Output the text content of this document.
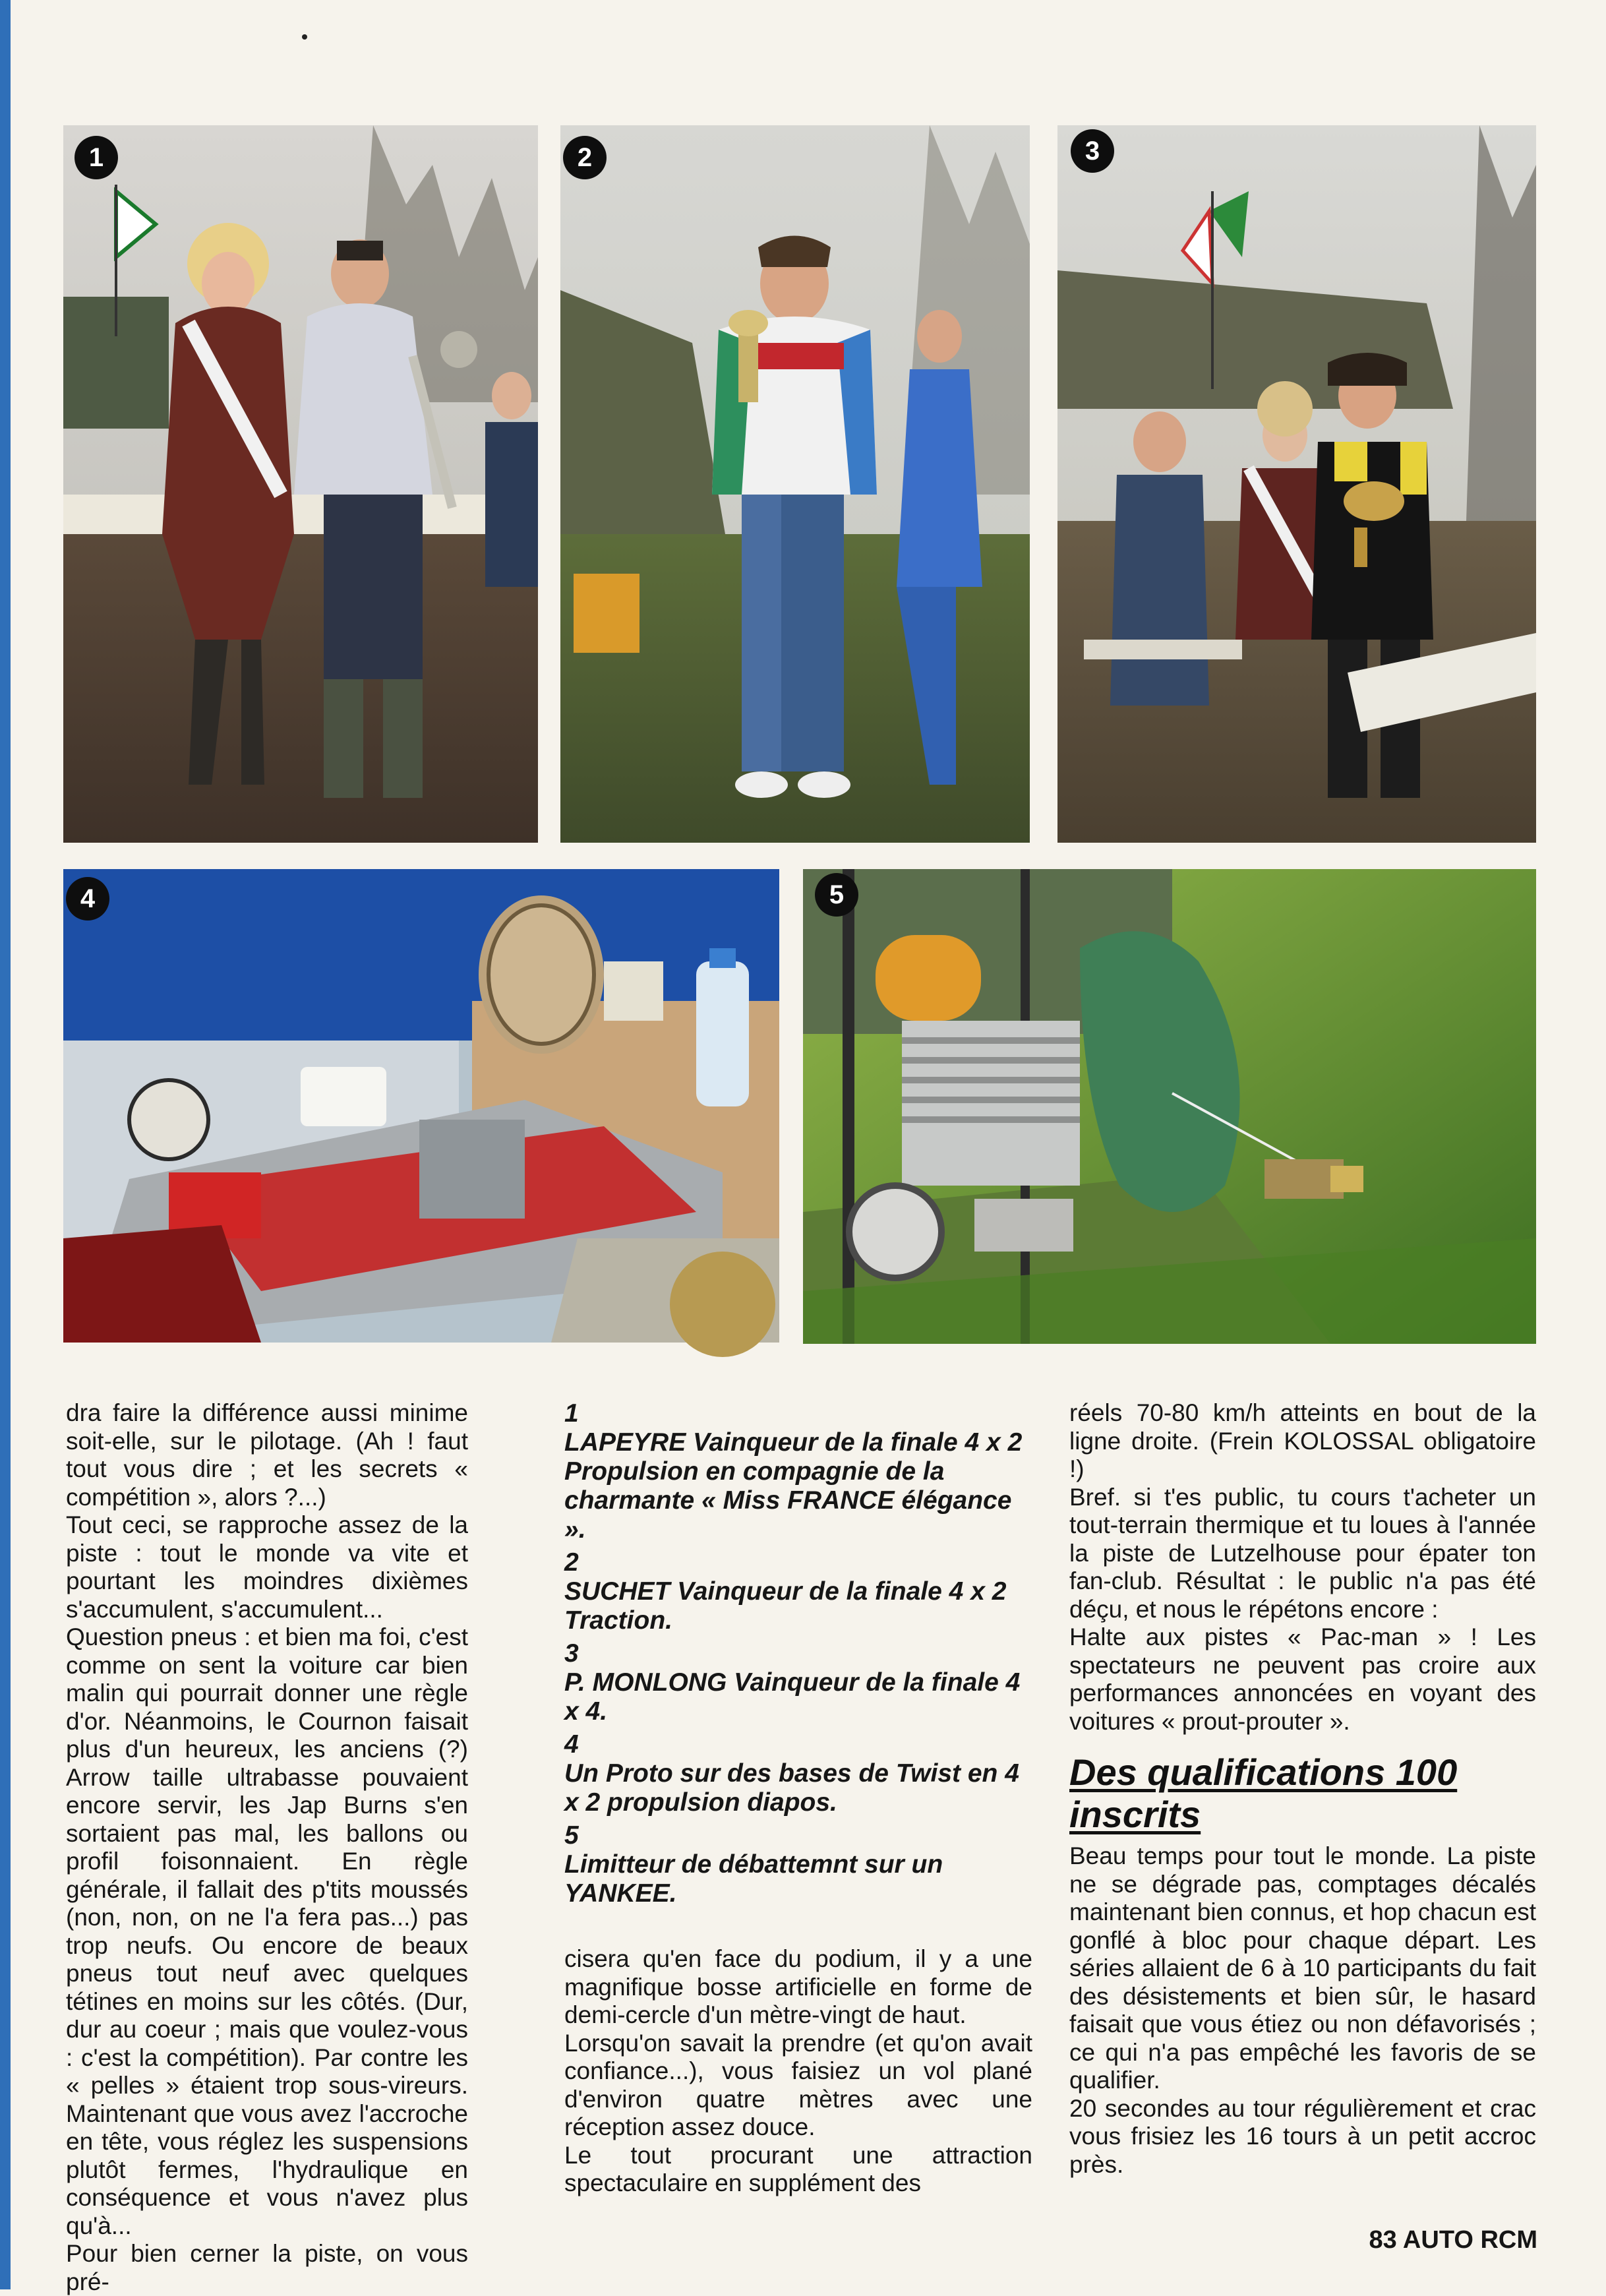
1	2	3
4	5

dra faire la différence aussi minime soit-elle, sur le pilotage. (Ah ! faut tout vous dire ; et les secrets « compétition », alors ?...)

Tout ceci, se rapproche assez de la piste : tout le monde va vite et pourtant les moindres dixièmes s'accumulent, s'accumulent...

Question pneus : et bien ma foi, c'est comme on sent la voiture car bien malin qui pourrait donner une règle d'or. Néanmoins, le Cournon faisait plus d'un heureux, les anciens (?) Arrow taille ultrabasse pouvaient encore servir, les Jap Burns s'en sortaient pas mal, les ballons ou profil foisonnaient. En règle générale, il fallait des p'tits moussés (non, non, on ne l'a fera pas...) pas trop neufs. Ou encore de beaux pneus tout neuf avec quelques tétines en moins sur les côtés. (Dur, dur au coeur ; mais que voulez-vous : c'est la compétition). Par contre les « pelles » étaient trop sous-vireurs. Maintenant que vous avez l'accroche en tête, vous réglez les suspensions plutôt fermes, l'hydraulique en conséquence et vous n'avez plus qu'à...

Pour bien cerner la piste, on vous pré-

1

LAPEYRE Vainqueur de la finale 4 x 2 Propulsion en compagnie de la charmante « Miss FRANCE élégance ».

2

SUCHET Vainqueur de la finale 4 x 2 Traction.

3

P. MONLONG Vainqueur de la finale 4 x 4.

4

Un Proto sur des bases de Twist en 4 x 2 propulsion diapos.

5

Limitteur de débattemnt sur un YANKEE.

cisera qu'en face du podium, il y a une magnifique bosse artificielle en forme de demi-cercle d'un mètre-vingt de haut.

Lorsqu'on savait la prendre (et qu'on avait confiance...), vous faisiez un vol plané d'environ quatre mètres avec une réception assez douce.

Le tout procurant une attraction spectaculaire en supplément des

réels 70-80 km/h atteints en bout de la ligne droite. (Frein KOLOSSAL obligatoire !)

Bref. si t'es public, tu cours t'acheter un tout-terrain thermique et tu loues à l'année la piste de Lutzelhouse pour épater ton fan-club. Résultat : le public n'a pas été déçu, et nous le répétons encore :

Halte aux pistes « Pac-man » ! Les spectateurs ne peuvent pas croire aux performances annoncées en voyant des voitures « prout-prouter ».

Des qualifications 100 inscrits

Beau temps pour tout le monde. La piste ne se dégrade pas, comptages décalés maintenant bien connus, et hop chacun est gonflé à bloc pour chaque départ. Les séries allaient de 6 à 10 participants du fait des désistements et bien sûr, le hasard faisait que vous étiez ou non défavorisés ; ce qui n'a pas empêché les favoris de se qualifier.

20 secondes au tour régulièrement et crac vous frisiez les 16 tours à un petit accroc près.

83 AUTO RCM
